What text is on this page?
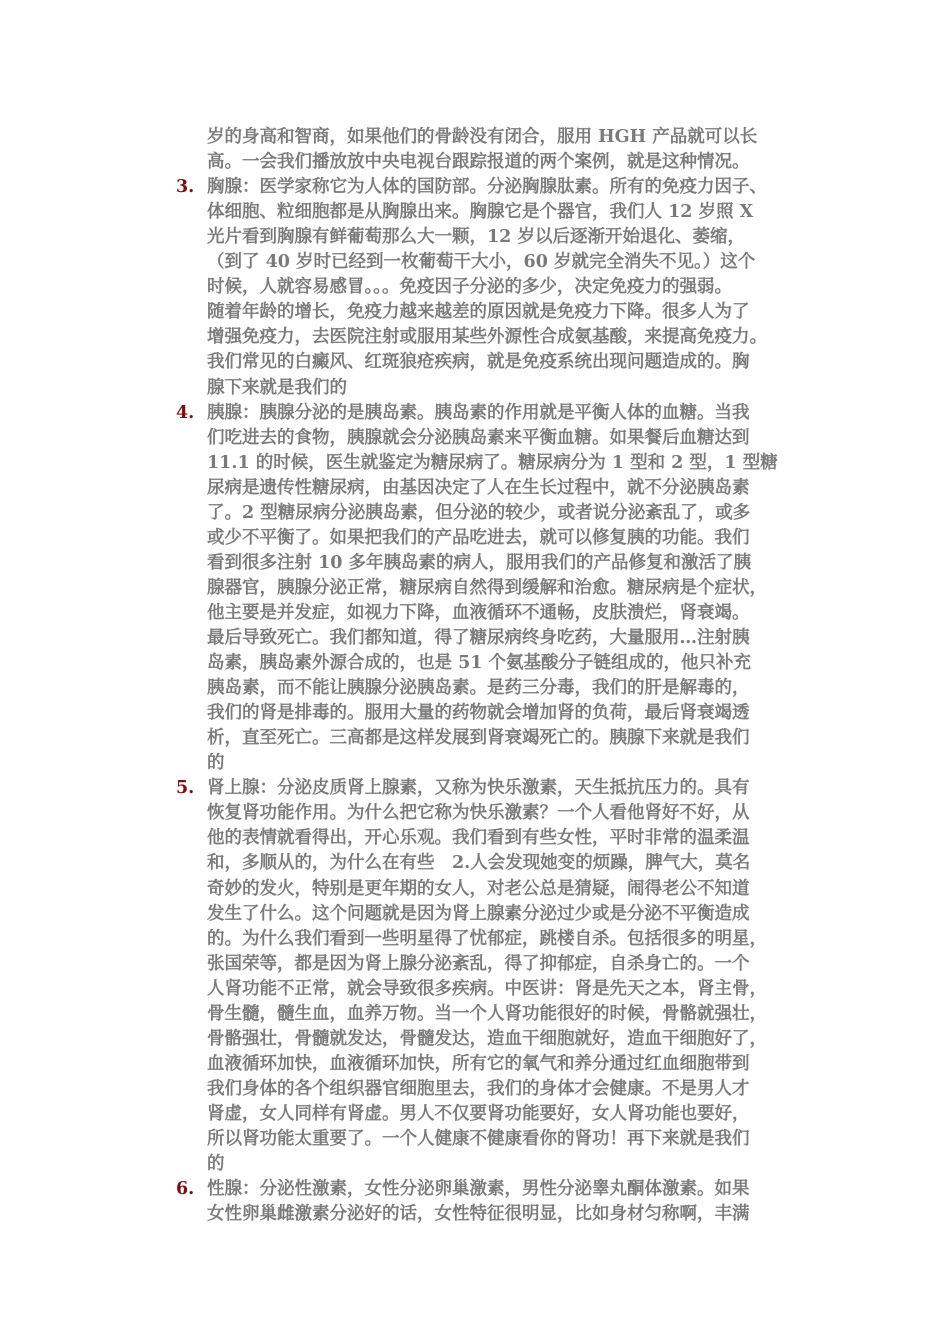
岁的身高和智商，如果他们的骨龄没有闭合，服用 HGH 产品就可以长
高。一会我们播放放中央电视台跟踪报道的两个案例，就是这种情况。
3. 胸腺：医学家称它为人体的国防部。分泌胸腺肽素。所有的免疫力因子、
体细胞、粒细胞都是从胸腺出来。胸腺它是个器官，我们人 12 岁照 X
光片看到胸腺有鲜葡萄那么大一颗，12 岁以后逐渐开始退化、萎缩，
（到了 40 岁时已经到一枚葡萄干大小，60 岁就完全消失不见。）这个
时候，人就容易感冒。。。免疫因子分泌的多少，决定免疫力的强弱。
随着年龄的增长，免疫力越来越差的原因就是免疫力下降。很多人为了
增强免疫力，去医院注射或服用某些外源性合成氨基酸，来提高免疫力。
我们常见的白癜风、红斑狼疮疾病，就是免疫系统出现问题造成的。胸
腺下来就是我们的
4. 胰腺：胰腺分泌的是胰岛素。胰岛素的作用就是平衡人体的血糖。当我
们吃进去的食物，胰腺就会分泌胰岛素来平衡血糖。如果餐后血糖达到
11.1 的时候，医生就鉴定为糖尿病了。糖尿病分为 1 型和 2 型，1 型糖
尿病是遗传性糖尿病，由基因决定了人在生长过程中，就不分泌胰岛素
了。2 型糖尿病分泌胰岛素，但分泌的较少，或者说分泌紊乱了，或多
或少不平衡了。如果把我们的产品吃进去，就可以修复胰的功能。我们
看到很多注射 10 多年胰岛素的病人，服用我们的产品修复和激活了胰
腺器官，胰腺分泌正常，糖尿病自然得到缓解和治愈。糖尿病是个症状，
他主要是并发症，如视力下降，血液循环不通畅，皮肤溃烂，肾衰竭。
最后导致死亡。我们都知道，得了糖尿病终身吃药，大量服用…注射胰
岛素，胰岛素外源合成的，也是 51 个氨基酸分子链组成的，他只补充
胰岛素，而不能让胰腺分泌胰岛素。是药三分毒，我们的肝是解毒的，
我们的肾是排毒的。服用大量的药物就会增加肾的负荷，最后肾衰竭透
析，直至死亡。三高都是这样发展到肾衰竭死亡的。胰腺下来就是我们
的
5. 肾上腺：分泌皮质肾上腺素，又称为快乐激素，天生抵抗压力的。具有
恢复肾功能作用。为什么把它称为快乐激素？一个人看他肾好不好，从
他的表情就看得出，开心乐观。我们看到有些女性，平时非常的温柔温
和，多顺从的，为什么在有些　2.人会发现她变的烦躁，脾气大，莫名
奇妙的发火，特别是更年期的女人，对老公总是猜疑，闹得老公不知道
发生了什么。这个问题就是因为肾上腺素分泌过少或是分泌不平衡造成
的。为什么我们看到一些明星得了忧郁症，跳楼自杀。包括很多的明星，
张国荣等，都是因为肾上腺分泌紊乱，得了抑郁症，自杀身亡的。一个
人肾功能不正常，就会导致很多疾病。中医讲：肾是先天之本，肾主骨，
骨生髓，髓生血，血养万物。当一个人肾功能很好的时候，骨骼就强壮，
骨骼强壮，骨髓就发达，骨髓发达，造血干细胞就好，造血干细胞好了，
血液循环加快，血液循环加快，所有它的氧气和养分通过红血细胞带到
我们身体的各个组织器官细胞里去，我们的身体才会健康。不是男人才
肾虚，女人同样有肾虚。男人不仅要肾功能要好，女人肾功能也要好，
所以肾功能太重要了。一个人健康不健康看你的肾功！再下来就是我们
的
6. 性腺：分泌性激素，女性分泌卵巢激素，男性分泌睾丸酮体激素。如果
女性卵巢雌激素分泌好的话，女性特征很明显，比如身材匀称啊，丰满
